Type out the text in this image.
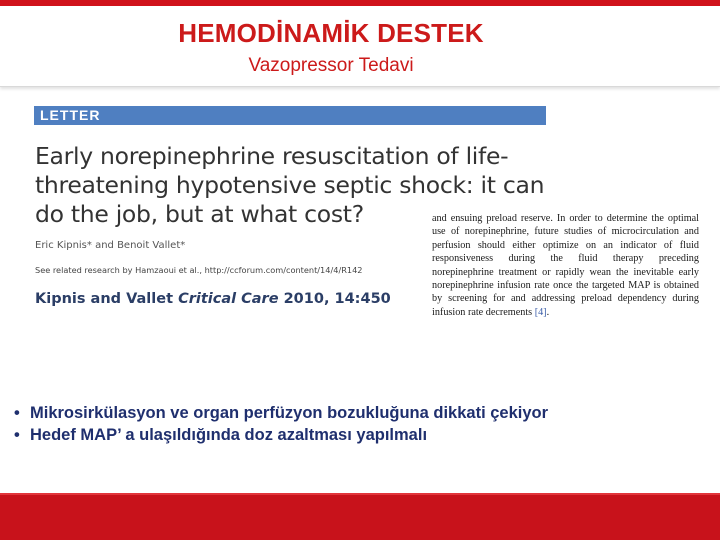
HEMODİNAMİK DESTEK
Vazopressor Tedavi
LETTER
Early norepinephrine resuscitation of life-threatening hypotensive septic shock: it can do the job, but at what cost?
Eric Kipnis* and Benoit Vallet*
See related research by Hamzaoui et al., http://ccforum.com/content/14/4/R142
Kipnis and Vallet Critical Care 2010, 14:450
and ensuing preload reserve. In order to determine the optimal use of norepinephrine, future studies of microcirculation and perfusion should either optimize on an indicator of fluid responsiveness during the fluid therapy preceding norepinephrine treatment or rapidly wean the inevitable early norepinephrine infusion rate once the targeted MAP is obtained by screening for and addressing preload dependency during infusion rate decrements [4].
• Mikrosirkülasyon ve organ perfüzyon bozukluğuna dikkati çekiyor
• Hedef MAP’ a ulaşıldığında doz azaltması yapılmalı
